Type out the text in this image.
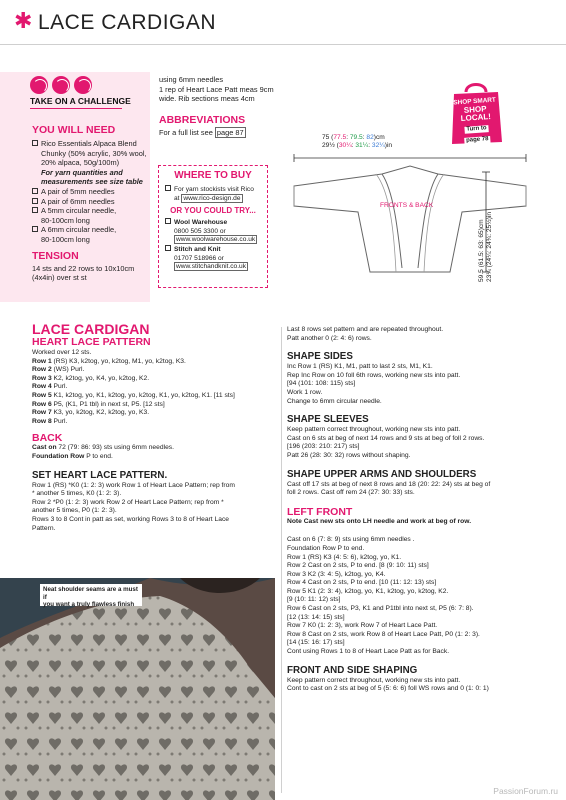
✱ LACE CARDIGAN
TAKE ON A CHALLENGE
YOU WILL NEED
Rico Essentials Alpaca Blend
Chunky (50% acrylic, 30% wool,
20% alpaca, 50g/100m)
For yarn quantities and
measurements see size table
A pair of 5mm needles
A pair of 6mm needles
A 5mm circular needle,
80-100cm long
A 6mm circular needle,
80-100cm long
TENSION
14 sts and 22 rows to 10x10cm
(4x4in) over st st
using 6mm needles
1 rep of Heart Lace Patt meas 9cm
wide. Rib sections meas 4cm
ABBREVIATIONS
For a full list see page 87
WHERE TO BUY
For yarn stockists visit Rico
at www.rico-design.de
OR YOU COULD TRY...
Wool Warehouse
0800 505 3300 or
www.woolwarehouse.co.uk
Stitch and Knit
01707 518966 or
www.stitchandknit.co.uk
SHOP SMART
SHOP
LOCAL!
Turn to
page 78
75 (77.5: 79.5: 82)cm
29½ (30¼: 31¼: 32¼)in
FRONTS & BACK
59.5 (61.5: 63: 65)cm 23¼ (24¼: 24¾: 25½)in
LACE CARDIGAN
HEART LACE PATTERN
Worked over 12 sts.
Row 1 (RS) K3, k2tog, yo, k2tog, M1, yo, k2tog, K3.
Row 2 (WS) Purl.
Row 3 K2, k2tog, yo, K4, yo, k2tog, K2.
Row 4 Purl.
Row 5 K1, k2tog, yo, K1, k2tog, yo, k2tog, K1, yo, k2tog, K1. [11 sts]
Row 6 P5, (K1, P1 tbl) in next st, P5. [12 sts]
Row 7 K3, yo, k2tog, K2, k2tog, yo, K3.
Row 8 Purl.
BACK
Cast on 72 (79: 86: 93) sts using 6mm needles.
Foundation Row P to end.
SET HEART LACE PATTERN.
Row 1 (RS) *K0 (1: 2: 3) work Row 1 of Heart Lace Pattern; rep from
* another 5 times, K0 (1: 2: 3).
Row 2 *P0 (1: 2: 3) work Row 2 of Heart Lace Pattern; rep from *
another 5 times, P0 (1: 2: 3).
Rows 3 to 8 Cont in patt as set, working Rows 3 to 8 of Heart Lace
Pattern.
Neat shoulder seams are a must if
you want a truly flawless finish
Last 8 rows set pattern and are repeated throughout.
Patt another 0 (2: 4: 6) rows.
SHAPE SIDES
Inc Row 1 (RS) K1, M1, patt to last 2 sts, M1, K1.
Rep Inc Row on 10 foll 6th rows, working new sts into patt.
[94 (101: 108: 115) sts]
Work 1 row.
Change to 6mm circular needle.
SHAPE SLEEVES
Keep pattern correct throughout, working new sts into patt.
Cast on 6 sts at beg of next 14 rows and 9 sts at beg of foll 2 rows.
[196 (203: 210: 217) sts]
Patt 26 (28: 30: 32) rows without shaping.
SHAPE UPPER ARMS AND SHOULDERS
Cast off 17 sts at beg of next 8 rows and 18 (20: 22: 24) sts at beg of
foll 2 rows. Cast off rem 24 (27: 30: 33) sts.
LEFT FRONT
Note Cast new sts onto LH needle and work at beg of row.
Cast on 6 (7: 8: 9) sts using 6mm needles .
Foundation Row P to end.
Row 1 (RS) K3 (4: 5: 6), k2tog, yo, K1.
Row 2 Cast on 2 sts, P to end. [8 (9: 10: 11) sts]
Row 3 K2 (3: 4: 5), k2tog, yo, K4.
Row 4 Cast on 2 sts, P to end. [10 (11: 12: 13) sts]
Row 5 K1 (2: 3: 4), k2tog, yo, K1, k2tog, yo, k2tog, K2.
[9 (10: 11: 12) sts]
Row 6 Cast on 2 sts, P3, K1 and P1tbl into next st, P5 (6: 7: 8).
[12 (13: 14: 15) sts]
Row 7 K0 (1: 2: 3), work Row 7 of Heart Lace Patt.
Row 8 Cast on 2 sts, work Row 8 of Heart Lace Patt, P0 (1: 2: 3).
[14 (15: 16: 17) sts]
Cont using Rows 1 to 8 of Heart Lace Patt as for Back.
FRONT AND SIDE SHAPING
Keep pattern correct throughout, working new sts into patt.
Cont to cast on 2 sts at beg of 5 (5: 6: 6) foll WS rows and 0 (1: 0: 1)
PassionForum.ru
